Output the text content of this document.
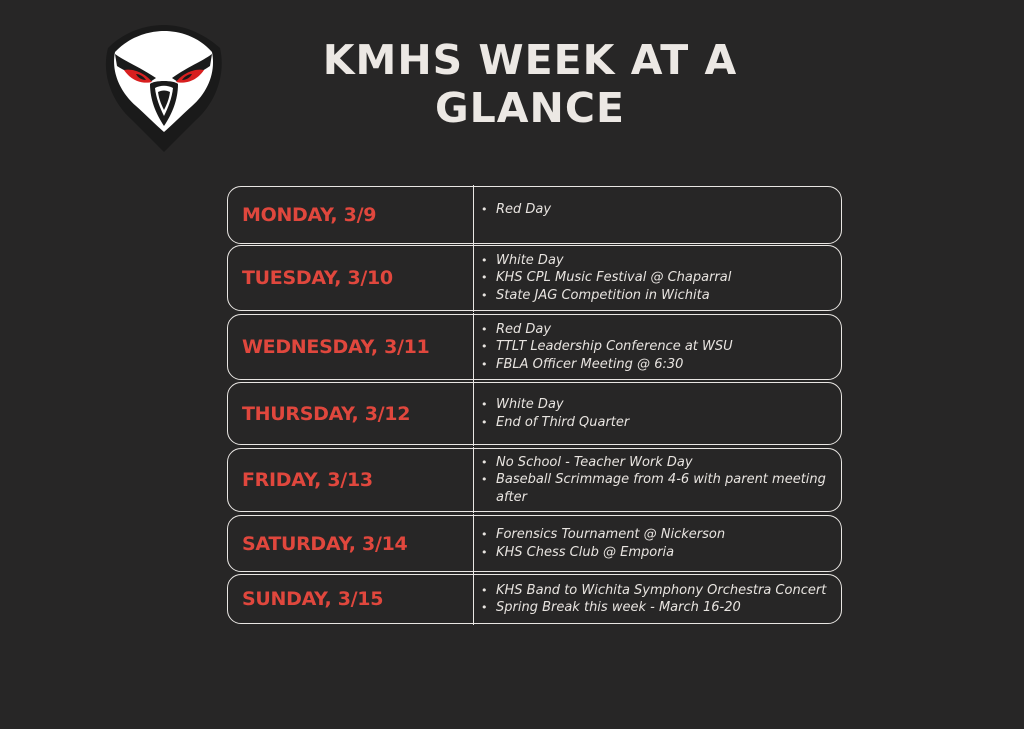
KMHS WEEK AT A GLANCE
MONDAY, 3/9	• Red Day
TUESDAY, 3/10
• White Day
• KHS CPL Music Festival @ Chaparral
• State JAG Competition in Wichita
WEDNESDAY, 3/11
• Red Day
• TTLT Leadership Conference at WSU
• FBLA Officer Meeting @ 6:30
THURSDAY, 3/12	• White Day
• End of Third Quarter
FRIDAY, 3/13
• No School - Teacher Work Day
• Baseball Scrimmage from 4-6 with parent meeting after
SATURDAY, 3/14	• Forensics Tournament @ Nickerson
• KHS Chess Club @ Emporia
SUNDAY, 3/15	• KHS Band to Wichita Symphony Orchestra Concert
• Spring Break this week - March 16-20
